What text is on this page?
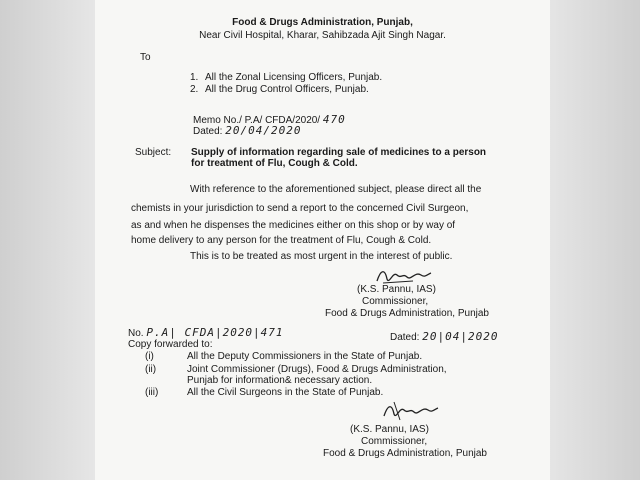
Food & Drugs Administration, Punjab,
Near Civil Hospital, Kharar, Sahibzada Ajit Singh Nagar.
To
1. All the Zonal Licensing Officers, Punjab.
2. All the Drug Control Officers, Punjab.
Memo No./ P.A/ CFDA/2020/ 470
Dated: 20/04/2020
Subject: Supply of information regarding sale of medicines to a person
for treatment of Flu, Cough & Cold.
With reference to the aforementioned subject, please direct all the
chemists in your jurisdiction to send a report to the concerned Civil Surgeon,
as and when he dispenses the medicines either on this shop or by way of
home delivery to any person for the treatment of Flu, Cough & Cold.
This is to be treated as most urgent in the interest of public.
(K.S. Pannu, IAS)
Commissioner,
Food & Drugs Administration, Punjab
No. P.A| CFDA|2020|471	Dated: 20|04|2020
Copy forwarded to:
(i)	All the Deputy Commissioners in the State of Punjab.
(ii)	Joint Commissioner (Drugs), Food & Drugs Administration,
Punjab for information& necessary action.
(iii)	All the Civil Surgeons in the State of Punjab.
(K.S. Pannu, IAS)
Commissioner,
Food & Drugs Administration, Punjab
